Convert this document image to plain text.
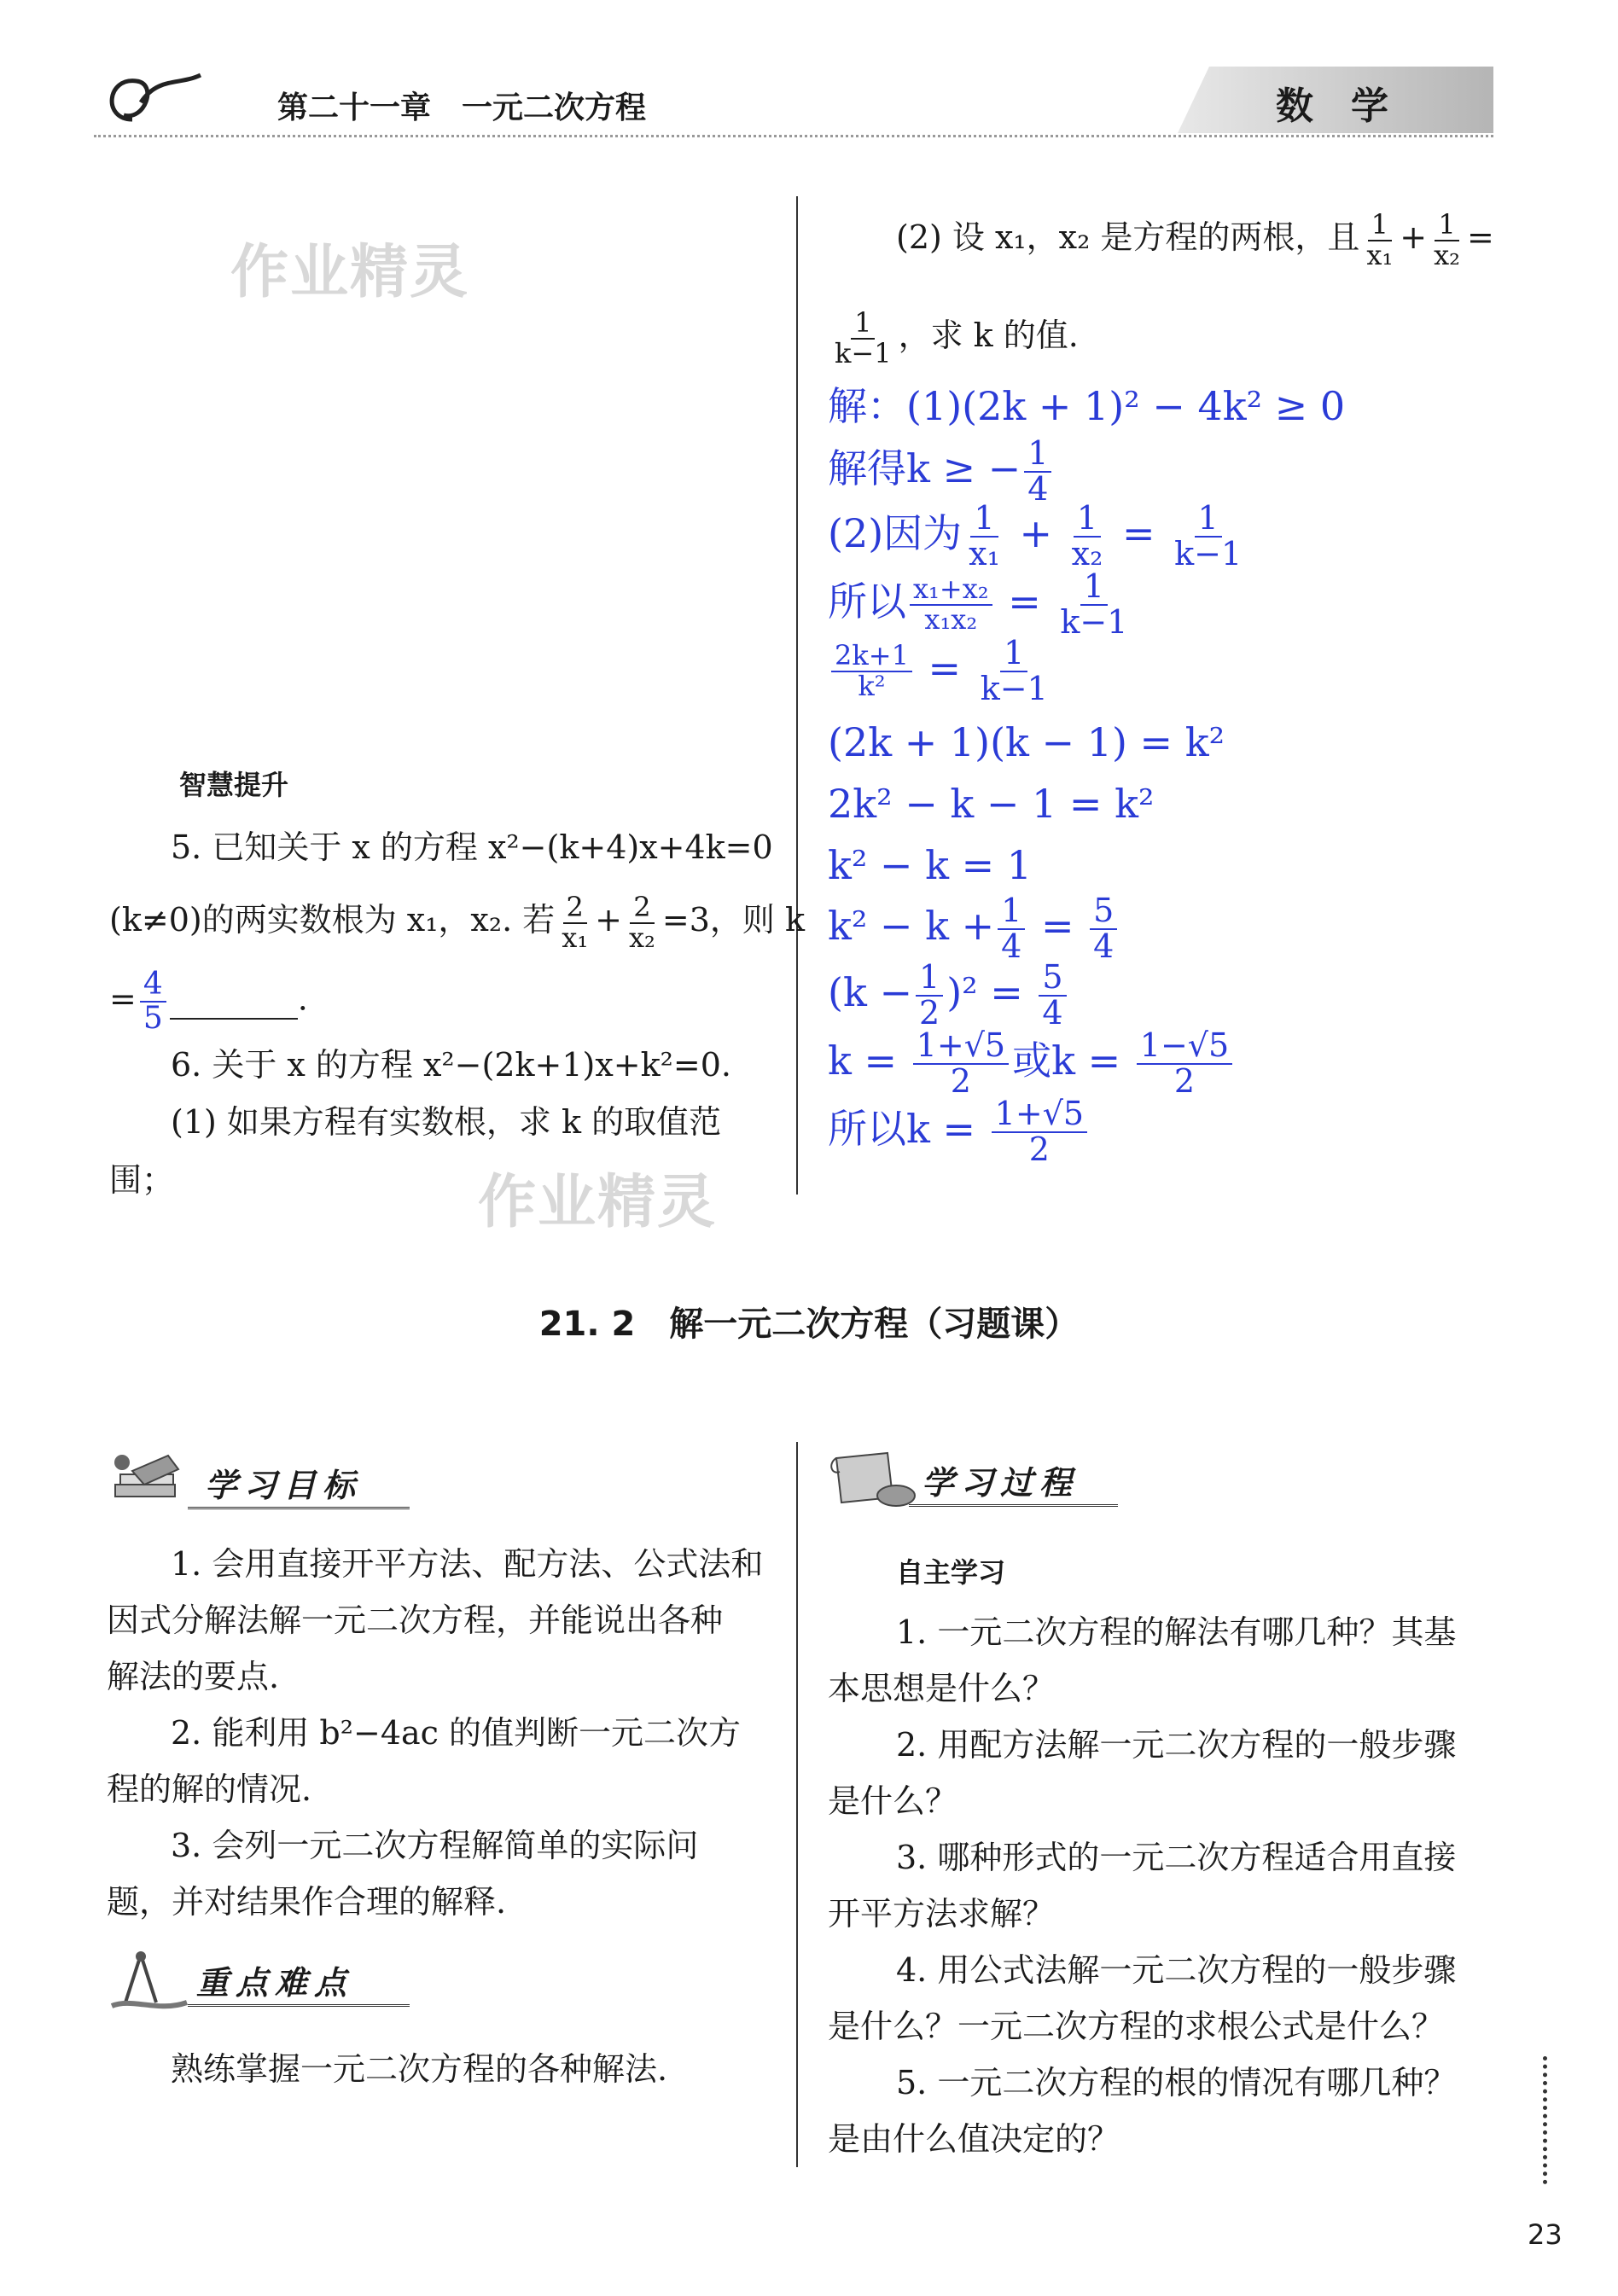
第二十一章　一元二次方程	数　学
作业精灵
作业精灵
智慧提升
5. 已知关于 x 的方程 x²−(k+4)x+4k=0
(k≠0)的两实数根为 x₁，x₂. 若 $\frac{2}{\text{x₁}} + \frac{2}{\text{x₂}} =3$，则 k
= $\frac{4}{5}$	.
6. 关于 x 的方程 x²−(2k+1)x+k²=0.
(1) 如果方程有实数根，求 k 的取值范
围；
(2) 设 x₁，x₂ 是方程的两根，且 $\frac{1}{\text{x₁}} + \frac{1}{\text{x₂}}$ =
$\frac{1}{k-1}$ ，求 k 的值.
解：(1)(2k + 1)² − 4k² ≥ 0
解得k ≥ − $\frac{1}{4}$
(2)因为 $\frac{1}{\text{x₁}} + \frac{1}{\text{x₂}} = \frac{1}{k-1}$
所以 $\frac{\text{x₁+x₂}}{\text{x₁x₂}} = \frac{1}{k-1}$
$\frac{2k+1}{\text{k²}} = \frac{1}{k-1}$
(2k + 1)(k − 1) = k²
2k² − k − 1 = k²
k² − k = 1
$k^2 - k + \frac{1}{4} = \frac{5}{4}$
$(k - \frac{1}{2} )^2 = \frac{5}{4}$
$k = \frac{1+√5}{2}$ 或$k = \frac{1-√5}{2}$
所以$k = \frac{1+√5}{2}$
21. 2　解一元二次方程（习题课）
学习目标
1. 会用直接开平方法、配方法、公式法和
因式分解法解一元二次方程，并能说出各种
解法的要点.
2. 能利用 b²−4ac 的值判断一元二次方
程的解的情况.
3. 会列一元二次方程解简单的实际问
题，并对结果作合理的解释.
重点难点
熟练掌握一元二次方程的各种解法.
学习过程
自主学习
1. 一元二次方程的解法有哪几种？其基
本思想是什么？
2. 用配方法解一元二次方程的一般步骤
是什么？
3. 哪种形式的一元二次方程适合用直接
开平方法求解？
4. 用公式法解一元二次方程的一般步骤
是什么？一元二次方程的求根公式是什么？
5. 一元二次方程的根的情况有哪几种？
是由什么值决定的？
23
